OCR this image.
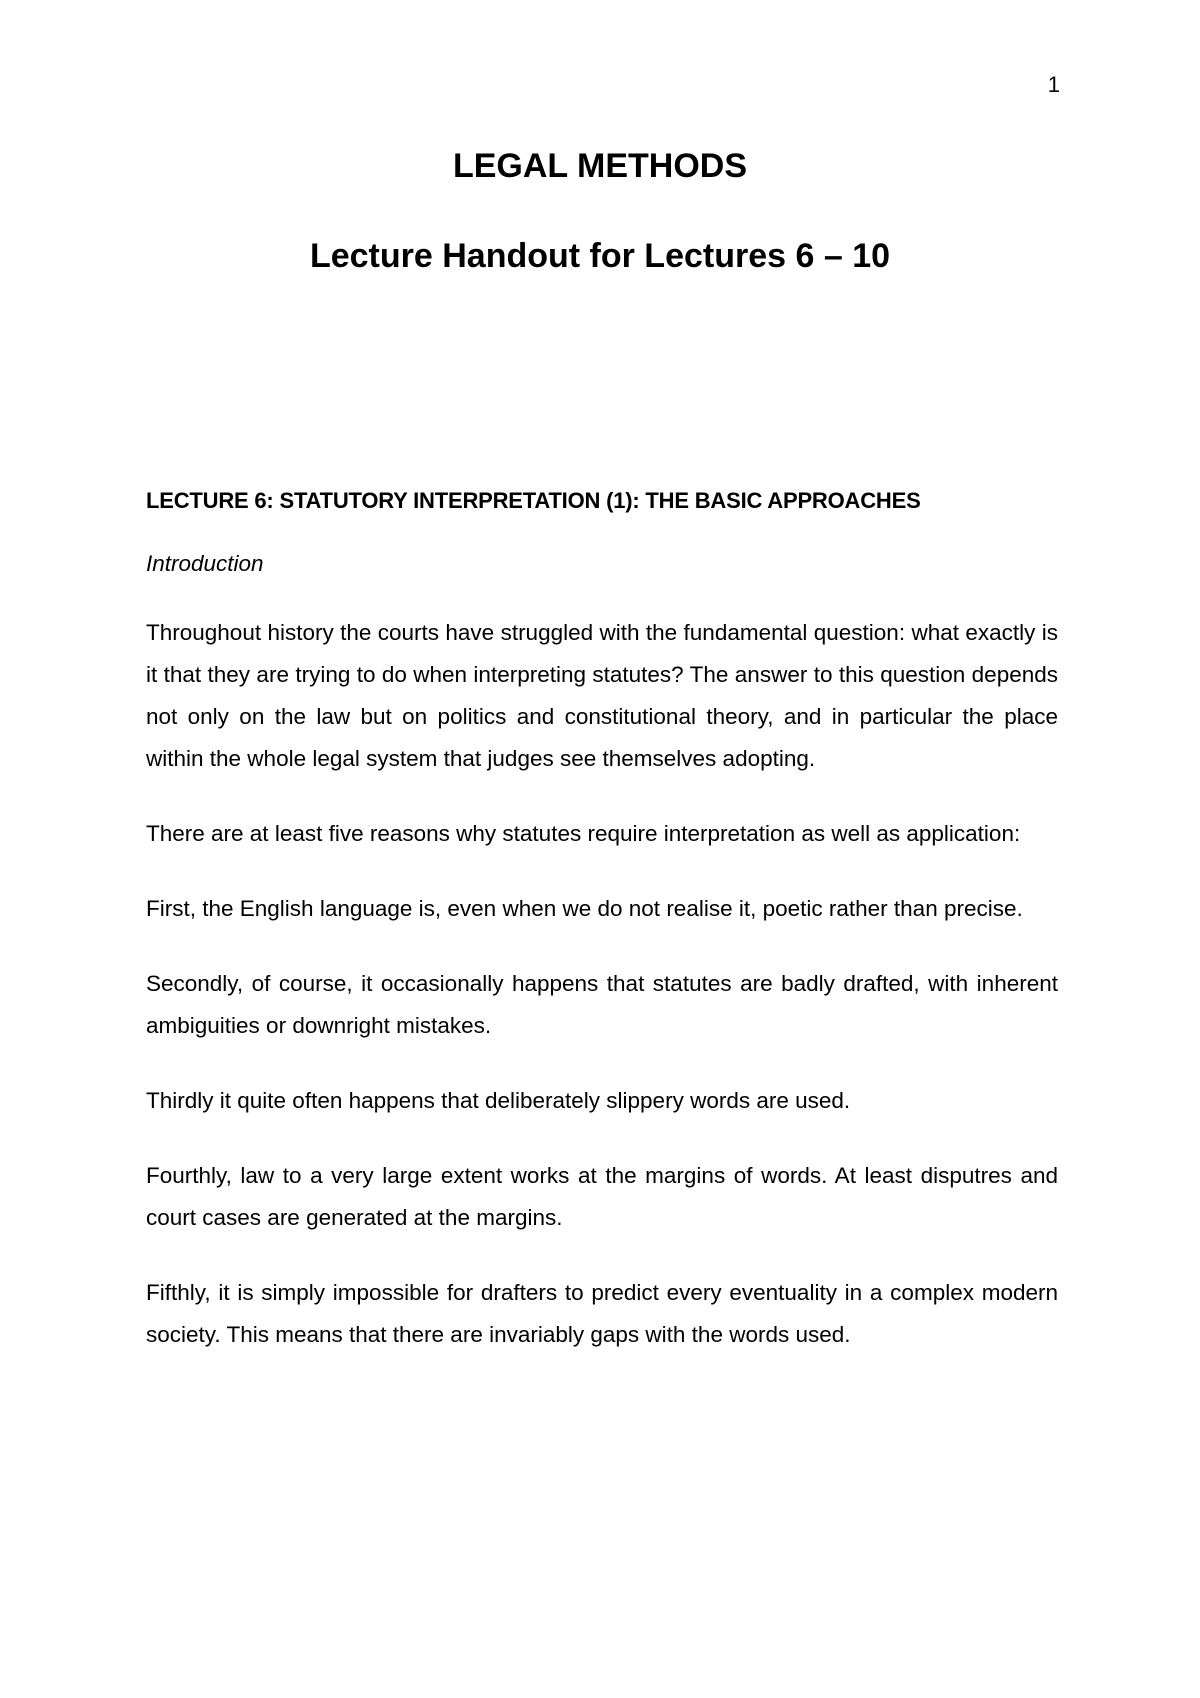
1
LEGAL METHODS
Lecture Handout for Lectures 6 – 10

LECTURE 6: STATUTORY INTERPRETATION (1): THE BASIC APPROACHES

Introduction

Throughout history the courts have struggled with the fundamental question: what exactly is it that they are trying to do when interpreting statutes? The answer to this question depends not only on the law but on politics and constitutional theory, and in particular the place within the whole legal system that judges see themselves adopting.

There are at least five reasons why statutes require interpretation as well as application:

First, the English language is, even when we do not realise it, poetic rather than precise.

Secondly, of course, it occasionally happens that statutes are badly drafted, with inherent ambiguities or downright mistakes.

Thirdly it quite often happens that deliberately slippery words are used.

Fourthly, law to a very large extent works at the margins of words. At least disputres and court cases are generated at the margins.

Fifthly, it is simply impossible for drafters to predict every eventuality in a complex modern society. This means that there are invariably gaps with the words used.
